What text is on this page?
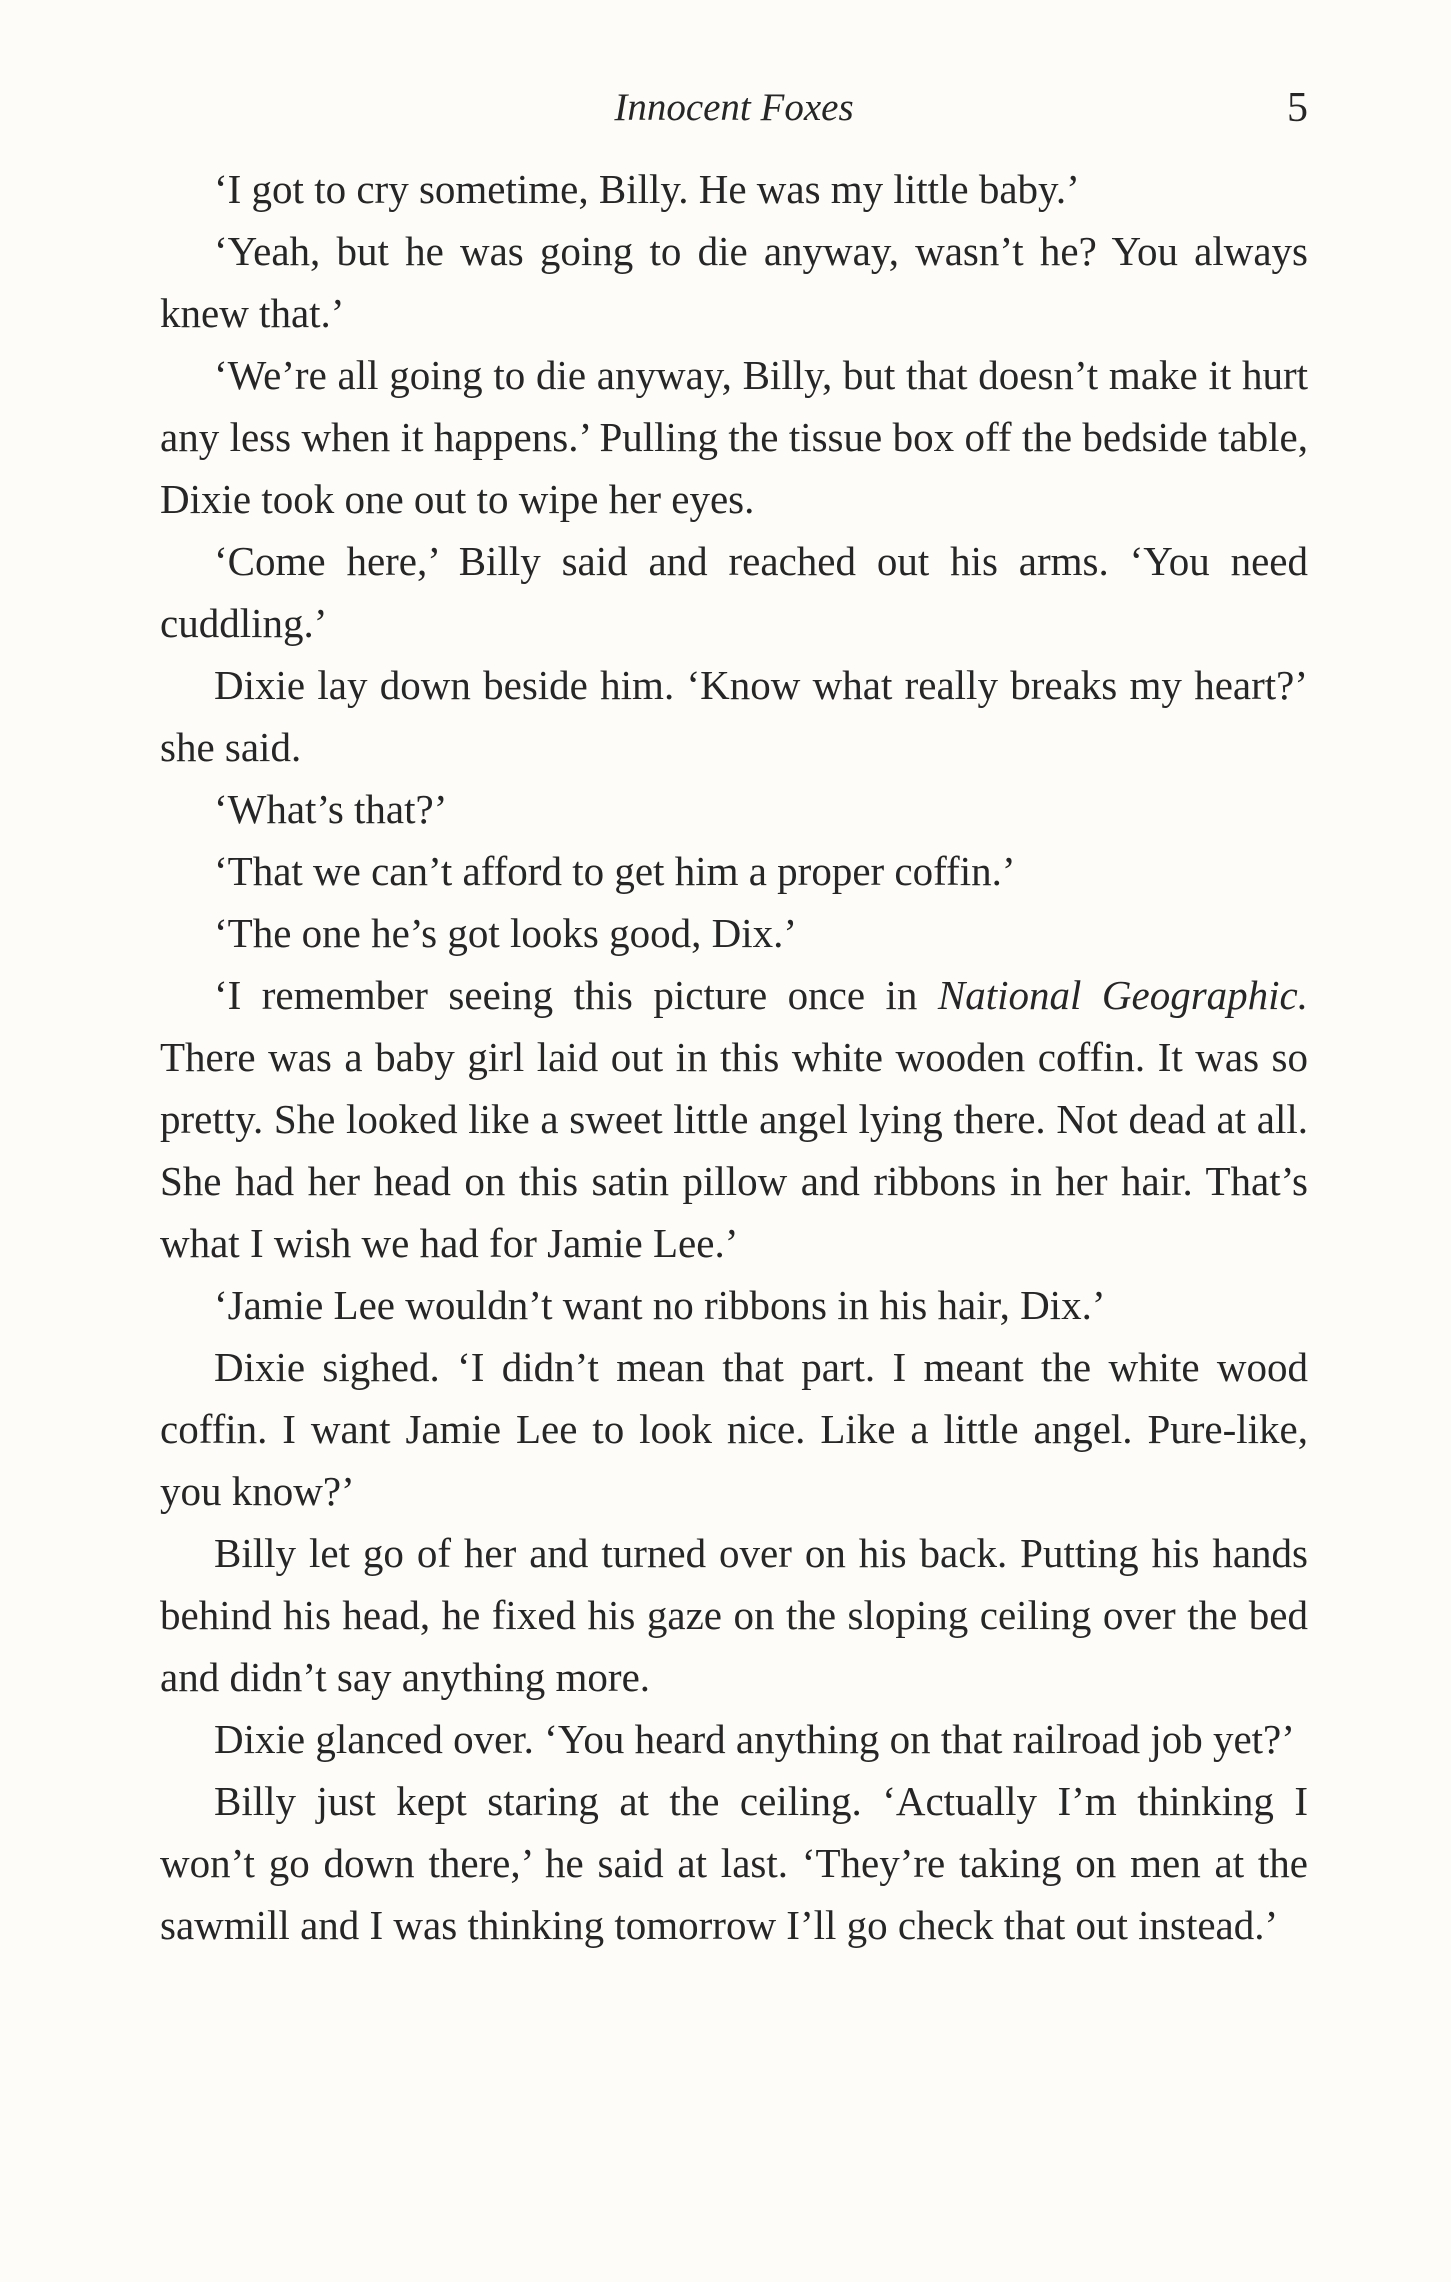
Innocent Foxes	5

‘I got to cry sometime, Billy. He was my little baby.’

‘Yeah, but he was going to die anyway, wasn’t he? You always knew that.’

‘We’re all going to die anyway, Billy, but that doesn’t make it hurt any less when it happens.’ Pulling the tissue box off the bedside table, Dixie took one out to wipe her eyes.

‘Come here,’ Billy said and reached out his arms. ‘You need cuddling.’

Dixie lay down beside him. ‘Know what really breaks my heart?’ she said.

‘What’s that?’

‘That we can’t afford to get him a proper coffin.’

‘The one he’s got looks good, Dix.’

‘I remember seeing this picture once in National Geographic. There was a baby girl laid out in this white wooden coffin. It was so pretty. She looked like a sweet little angel lying there. Not dead at all. She had her head on this satin pillow and ribbons in her hair. That’s what I wish we had for Jamie Lee.’

‘Jamie Lee wouldn’t want no ribbons in his hair, Dix.’

Dixie sighed. ‘I didn’t mean that part. I meant the white wood coffin. I want Jamie Lee to look nice. Like a little angel. Pure-like, you know?’

Billy let go of her and turned over on his back. Putting his hands behind his head, he fixed his gaze on the sloping ceiling over the bed and didn’t say anything more.

Dixie glanced over. ‘You heard anything on that railroad job yet?’

Billy just kept staring at the ceiling. ‘Actually I’m thinking I won’t go down there,’ he said at last. ‘They’re taking on men at the sawmill and I was thinking tomorrow I’ll go check that out instead.’
